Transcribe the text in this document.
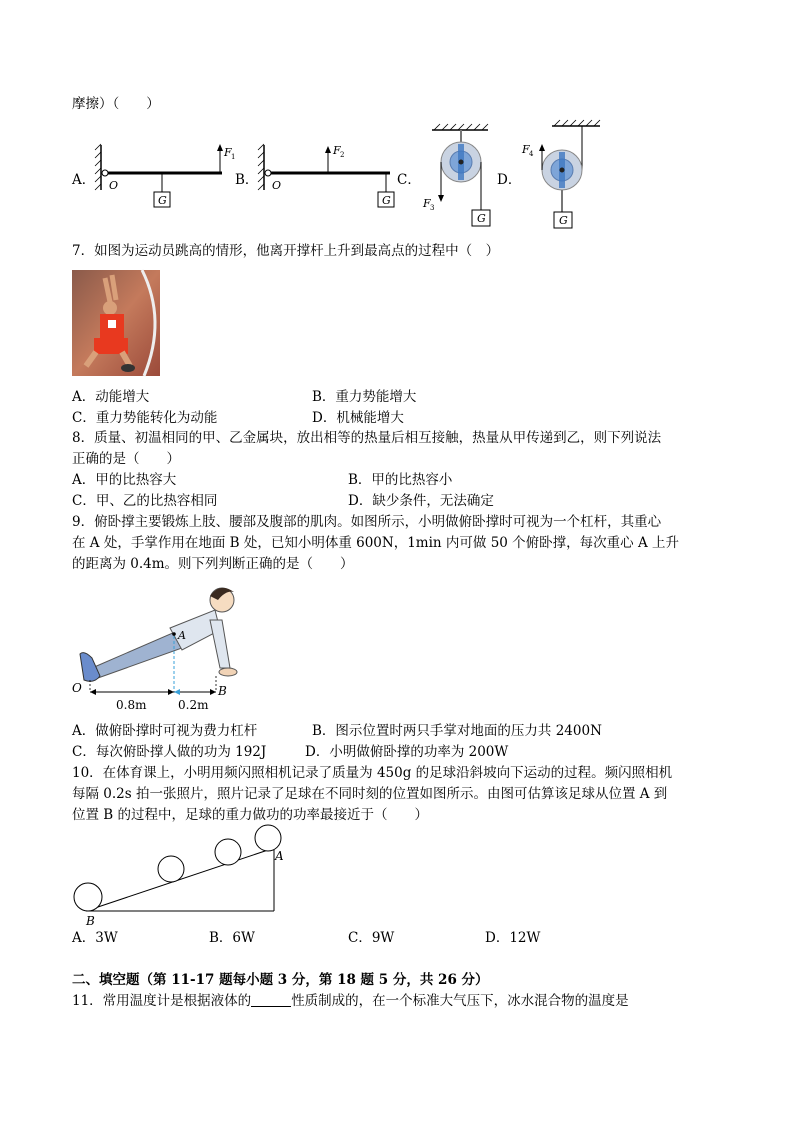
摩擦）（　　）
A．
G
O
F 1
B．
G
O
F 2
C．
G
F 3
D．
G
F 4
7．如图为运动员跳高的情形，他离开撑杆上升到最高点的过程中（　）
A．动能增大	B．重力势能增大
C．重力势能转化为动能	D．机械能增大
8．质量、初温相同的甲、乙金属块，放出相等的热量后相互接触，热量从甲传递到乙，则下列说法
正确的是（　　）
A．甲的比热容大	B．甲的比热容小
C．甲、乙的比热容相同	D．缺少条件，无法确定
9．俯卧撑主要锻炼上肢、腰部及腹部的肌肉。如图所示，小明做俯卧撑时可视为一个杠杆，其重心
在 A 处，手掌作用在地面 B 处，已知小明体重 600N，1min 内可做 50 个俯卧撑，每次重心 A 上升
的距离为 0.4m。则下列判断正确的是（　　）
A
O	B
0.8m	0.2m
A．做俯卧撑时可视为费力杠杆	B．图示位置时两只手掌对地面的压力共 2400N
C．每次俯卧撑人做的功为 192J	D．小明做俯卧撑的功率为 200W
10．在体育课上，小明用频闪照相机记录了质量为 450g 的足球沿斜坡向下运动的过程。频闪照相机
每隔 0.2s 拍一张照片，照片记录了足球在不同时刻的位置如图所示。由图可估算该足球从位置 A 到
位置 B 的过程中，足球的重力做功的功率最接近于（　　）
A
B
A．3W	B．6W	C．9W	D．12W
二、填空题（第 11-17 题每小题 3 分，第 18 题 5 分，共 26 分）
11．常用温度计是根据液体的	性质制成的，在一个标准大气压下，冰水混合物的温度是
